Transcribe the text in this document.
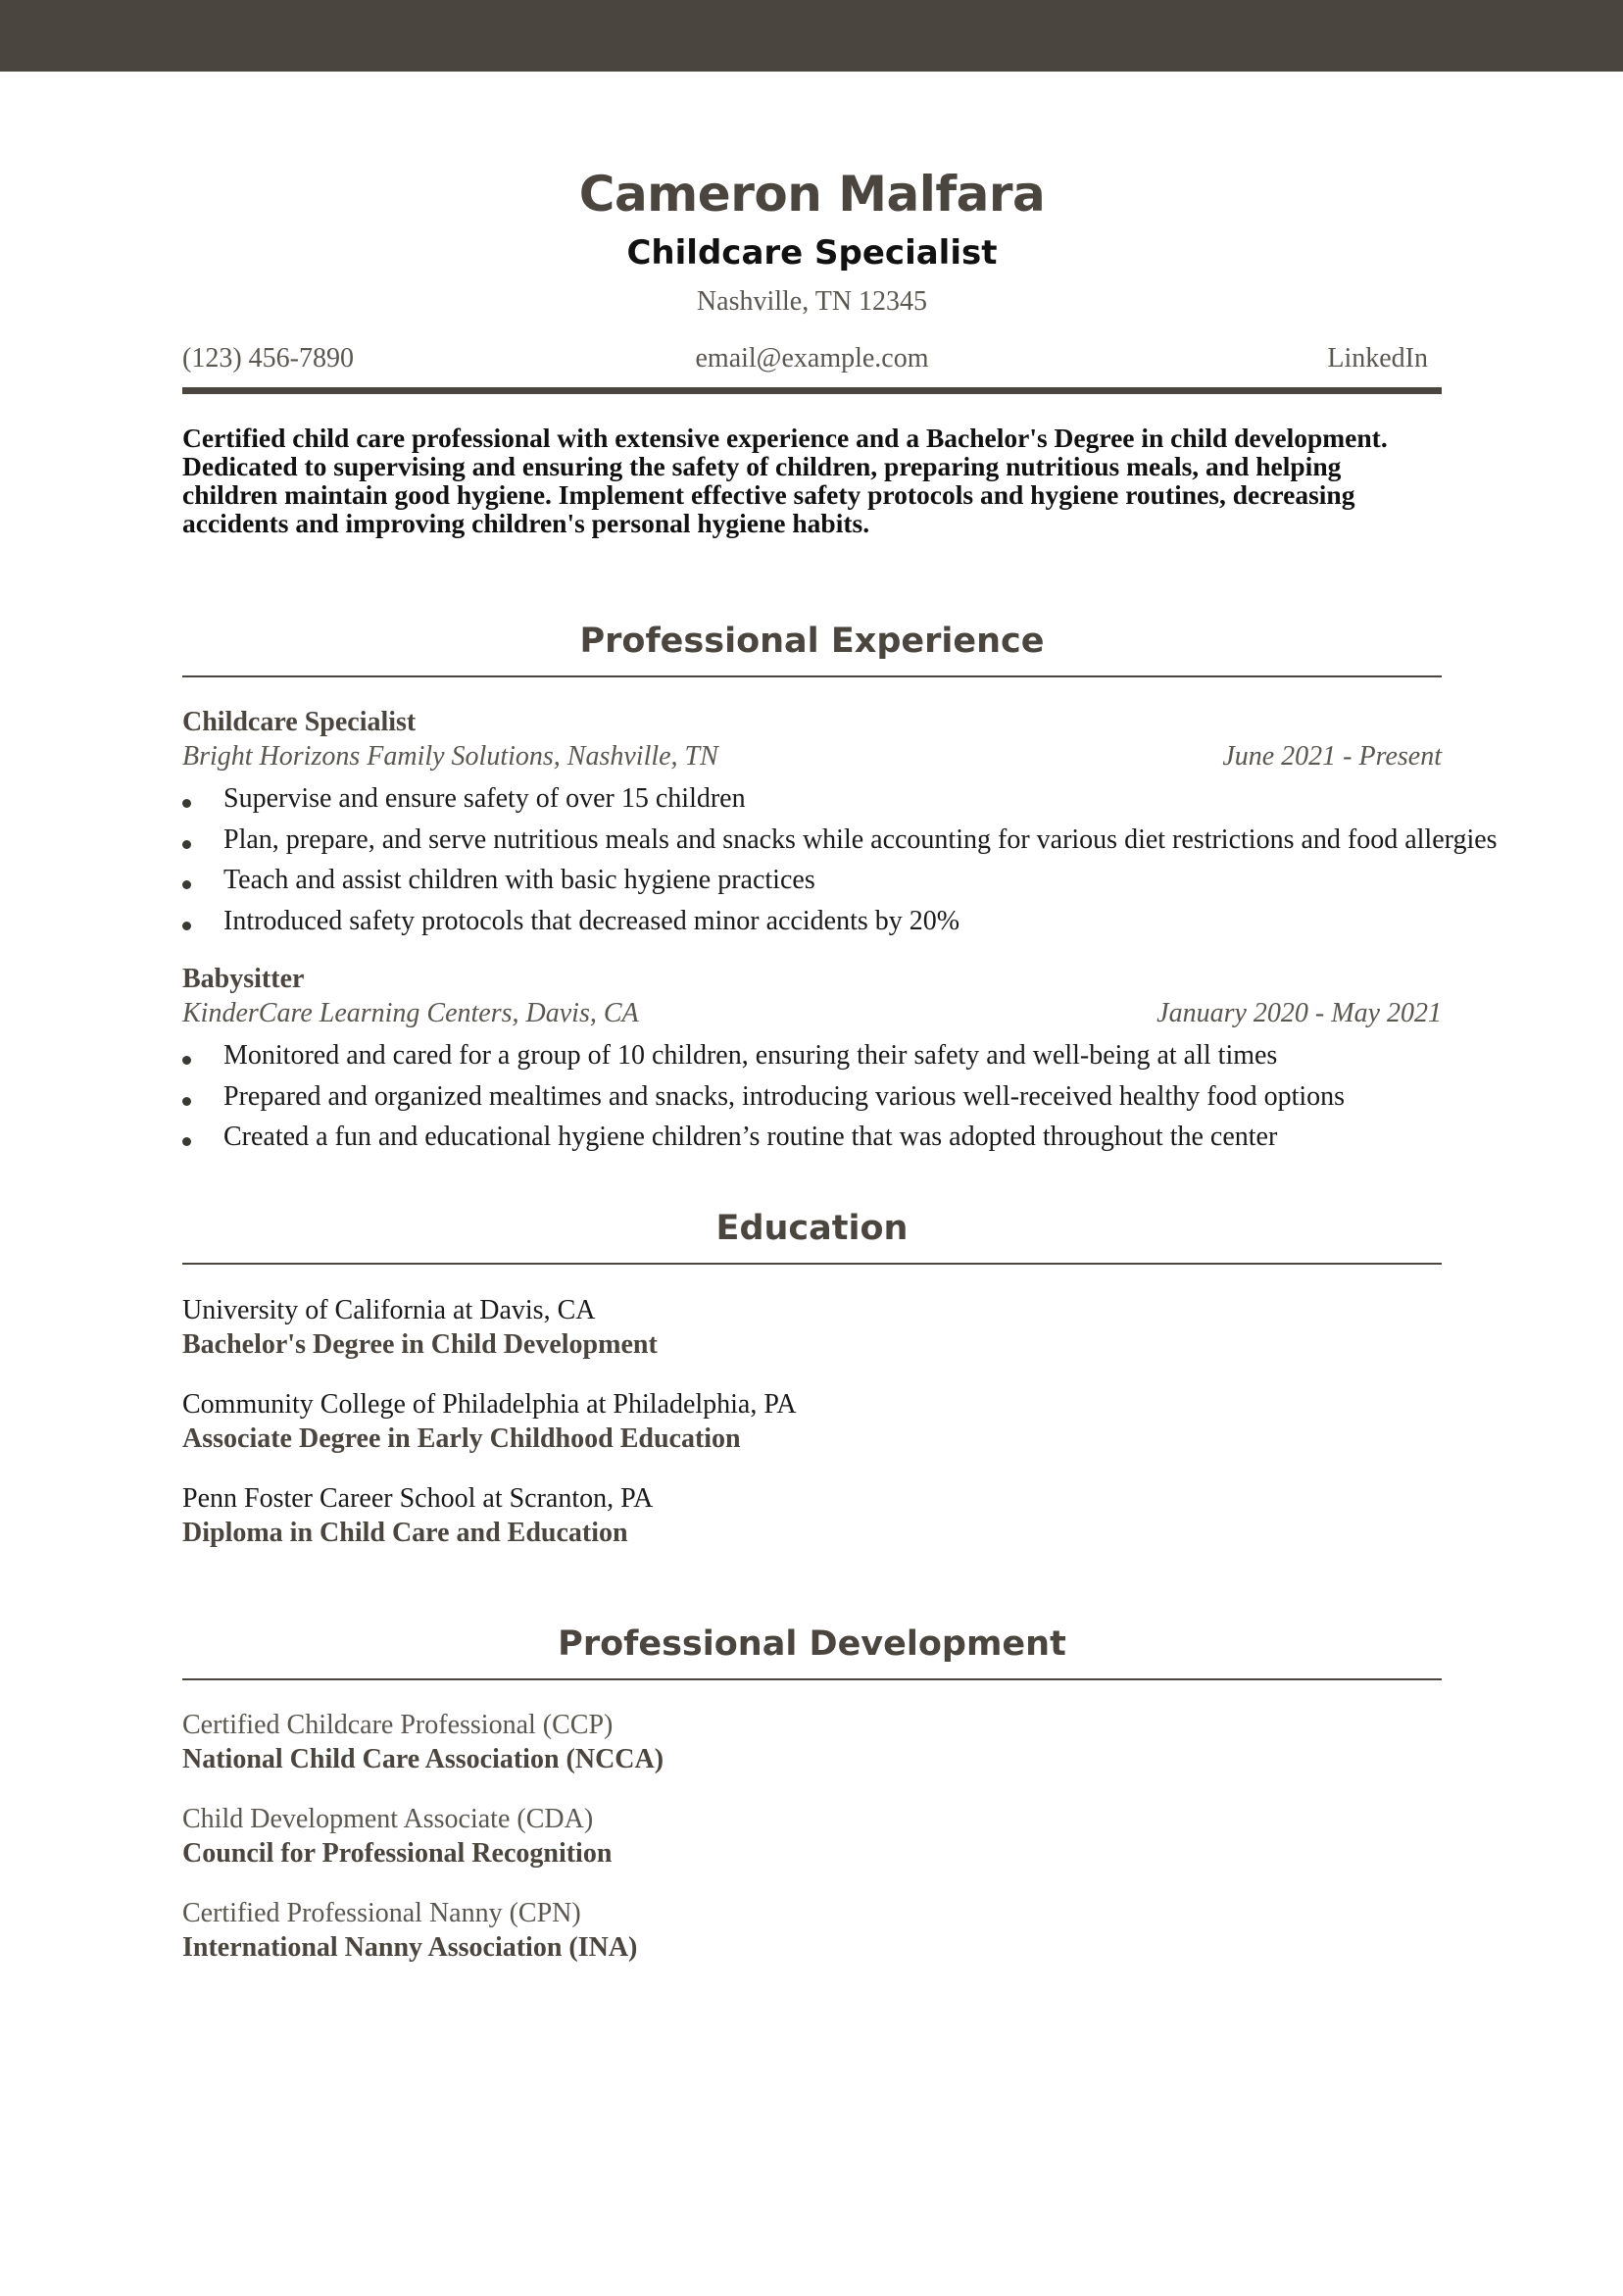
Cameron Malfara
Childcare Specialist
Nashville, TN 12345
email@example.com
(123) 456-7890	LinkedIn
Certified child care professional with extensive experience and a Bachelor's Degree in child development. Dedicated to supervising and ensuring the safety of children, preparing nutritious meals, and helping children maintain good hygiene. Implement effective safety protocols and hygiene routines, decreasing accidents and improving children's personal hygiene habits.
Professional Experience
Childcare Specialist
Bright Horizons Family Solutions, Nashville, TN	June 2021 - Present
Supervise and ensure safety of over 15 children
Plan, prepare, and serve nutritious meals and snacks while accounting for various diet restrictions and food allergies
Teach and assist children with basic hygiene practices
Introduced safety protocols that decreased minor accidents by 20%
Babysitter
KinderCare Learning Centers, Davis, CA	January 2020 - May 2021
Monitored and cared for a group of 10 children, ensuring their safety and well-being at all times
Prepared and organized mealtimes and snacks, introducing various well-received healthy food options
Created a fun and educational hygiene children’s routine that was adopted throughout the center
Education
University of California at Davis, CA
Bachelor's Degree in Child Development
Community College of Philadelphia at Philadelphia, PA
Associate Degree in Early Childhood Education
Penn Foster Career School at Scranton, PA
Diploma in Child Care and Education
Professional Development
Certified Childcare Professional (CCP)
National Child Care Association (NCCA)
Child Development Associate (CDA)
Council for Professional Recognition
Certified Professional Nanny (CPN)
International Nanny Association (INA)
